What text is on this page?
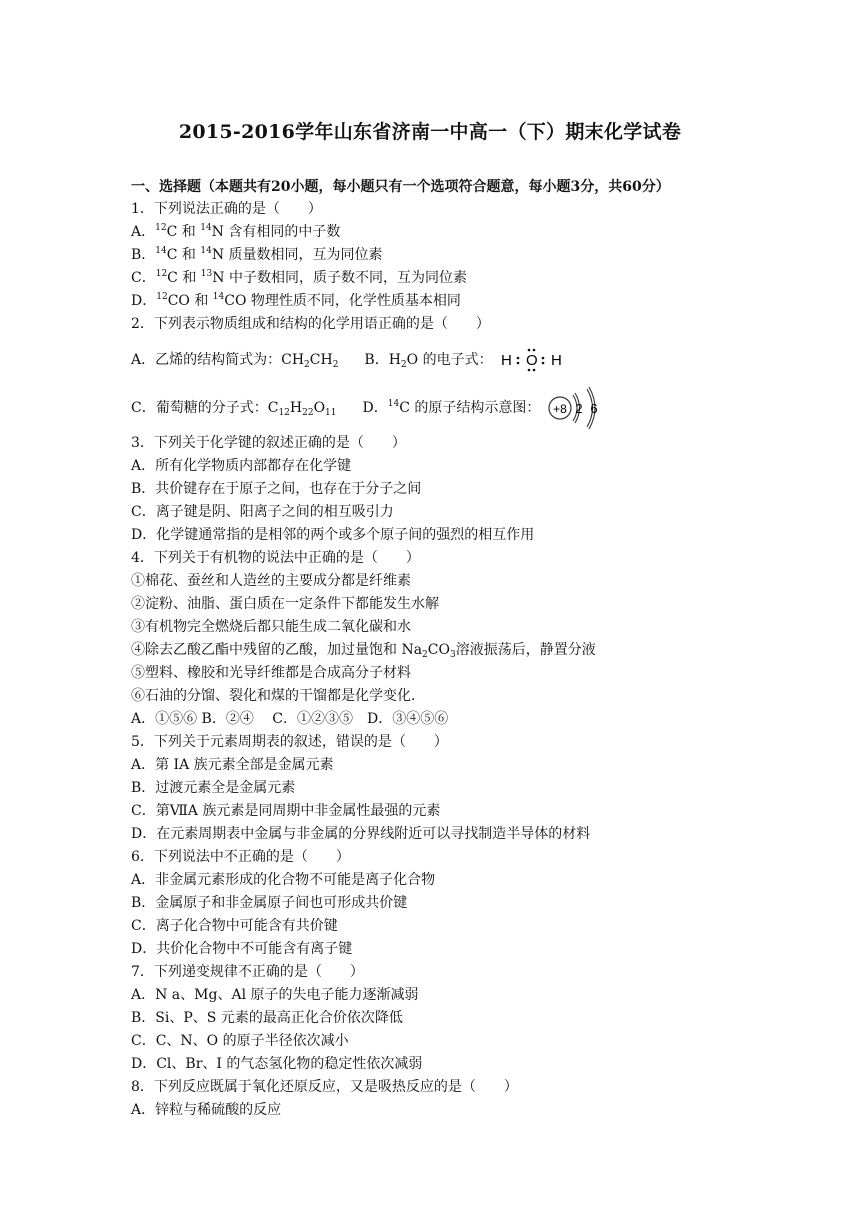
2015-2016学年山东省济南一中高一（下）期末化学试卷
一、选择题（本题共有20小题，每小题只有一个选项符合题意，每小题3分，共60分）
1．下列说法正确的是（　　）
A．$^{12}$C 和 $^{14}$N 含有相同的中子数
B．$^{14}$C 和 $^{14}$N 质量数相同，互为同位素
C．$^{12}$C 和 $^{13}$N 中子数相同，质子数不同，互为同位素
D．$^{12}$CO 和 $^{14}$CO 物理性质不同，化学性质基本相同
2．下列表示物质组成和结构的化学用语正确的是（　　）
A．乙烯的结构简式为：$CH_2CH_2$ B．$H_2O$ 的电子式： H O H
C．葡萄糖的分子式：$C_{12}H_{22}O_{11}$ D．$^{14}$C 的原子结构示意图： +8 2 6
3．下列关于化学键的叙述正确的是（　　）
A．所有化学物质内部都存在化学键
B．共价键存在于原子之间，也存在于分子之间
C．离子键是阴、阳离子之间的相互吸引力
D．化学键通常指的是相邻的两个或多个原子间的强烈的相互作用
4．下列关于有机物的说法中正确的是（　　）
①棉花、蚕丝和人造丝的主要成分都是纤维素
②淀粉、油脂、蛋白质在一定条件下都能发生水解
③有机物完全燃烧后都只能生成二氧化碳和水
④除去乙酸乙酯中残留的乙酸，加过量饱和 $Na_2CO_3$溶液振荡后，静置分液
⑤塑料、橡胶和光导纤维都是合成高分子材料
⑥石油的分馏、裂化和煤的干馏都是化学变化．
A．①⑤⑥ B．②④　 C．①②③⑤　D．③④⑤⑥
5．下列关于元素周期表的叙述，错误的是（　　）
A．第 IA 族元素全部是金属元素
B．过渡元素全是金属元素
C．第ⅦA 族元素是同周期中非金属性最强的元素
D．在元素周期表中金属与非金属的分界线附近可以寻找制造半导体的材料
6．下列说法中不正确的是（　　）
A．非金属元素形成的化合物不可能是离子化合物
B．金属原子和非金属原子间也可形成共价键
C．离子化合物中可能含有共价键
D．共价化合物中不可能含有离子键
7．下列递变规律不正确的是（　　）
A．N a、Mg、Al 原子的失电子能力逐渐减弱
B．Si、P、S 元素的最高正化合价依次降低
C．C、N、O 的原子半径依次减小
D．Cl、Br、I 的气态氢化物的稳定性依次减弱
8．下列反应既属于氧化还原反应，又是吸热反应的是（　　）
A．锌粒与稀硫酸的反应
